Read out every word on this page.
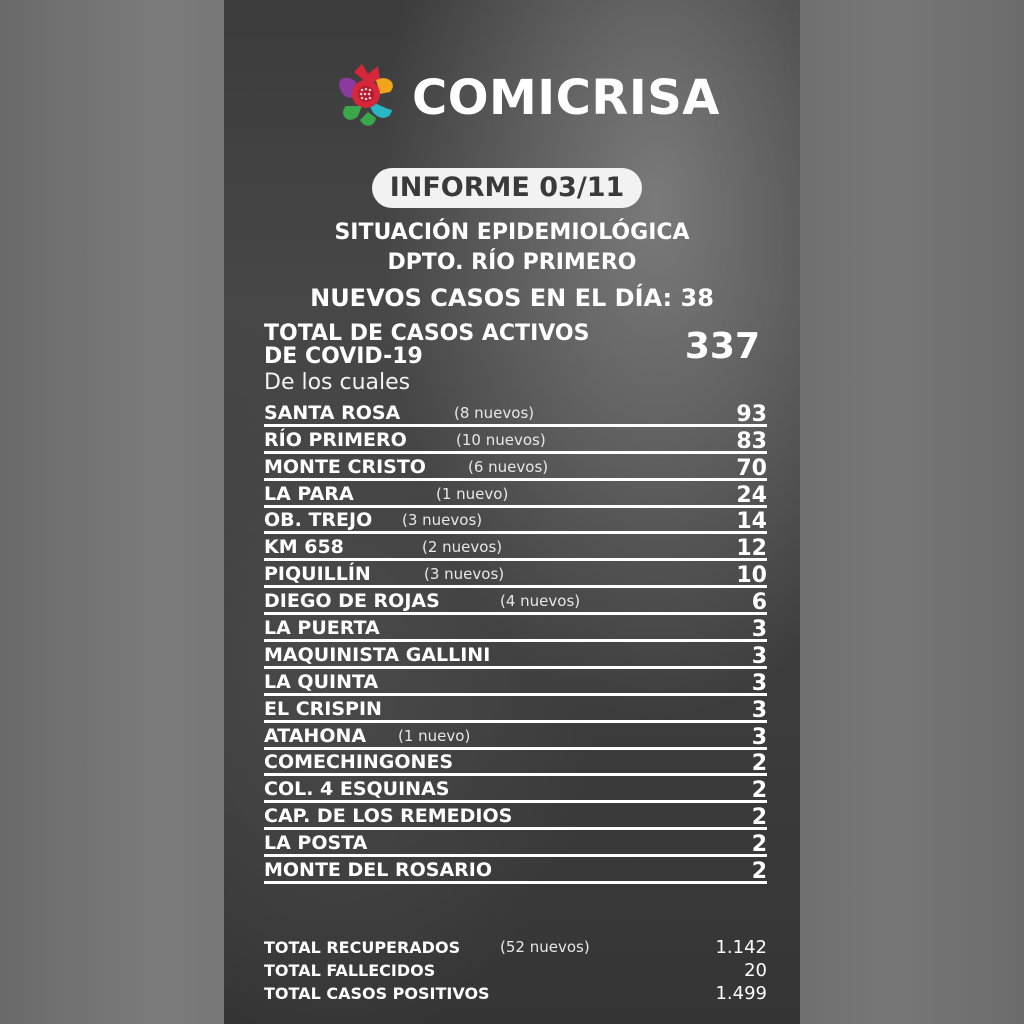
COMICRISA
INFORME 03/11
SITUACIÓN EPIDEMIOLÓGICA
DPTO. RÍO PRIMERO
NUEVOS CASOS EN EL DÍA: 38
TOTAL DE CASOS ACTIVOS
DE COVID-19	337
De los cuales
SANTA ROSA	(8 nuevos)	93
RÍO PRIMERO	(10 nuevos)	83
MONTE CRISTO	(6 nuevos)	70
LA PARA	(1 nuevo)	24
OB. TREJO (3 nuevos)	14
KM 658	(2 nuevos)	12
PIQUILLÍN	(3 nuevos)	10
DIEGO DE ROJAS	(4 nuevos)	6
LA PUERTA	3
MAQUINISTA GALLINI	3
LA QUINTA	3
EL CRISPIN	3
ATAHONA (1 nuevo)	3
COMECHINGONES	2
COL. 4 ESQUINAS	2
CAP. DE LOS REMEDIOS	2
LA POSTA	2
MONTE DEL ROSARIO	2
TOTAL RECUPERADOS	(52 nuevos)	1.142
TOTAL FALLECIDOS	20
TOTAL CASOS POSITIVOS	1.499
